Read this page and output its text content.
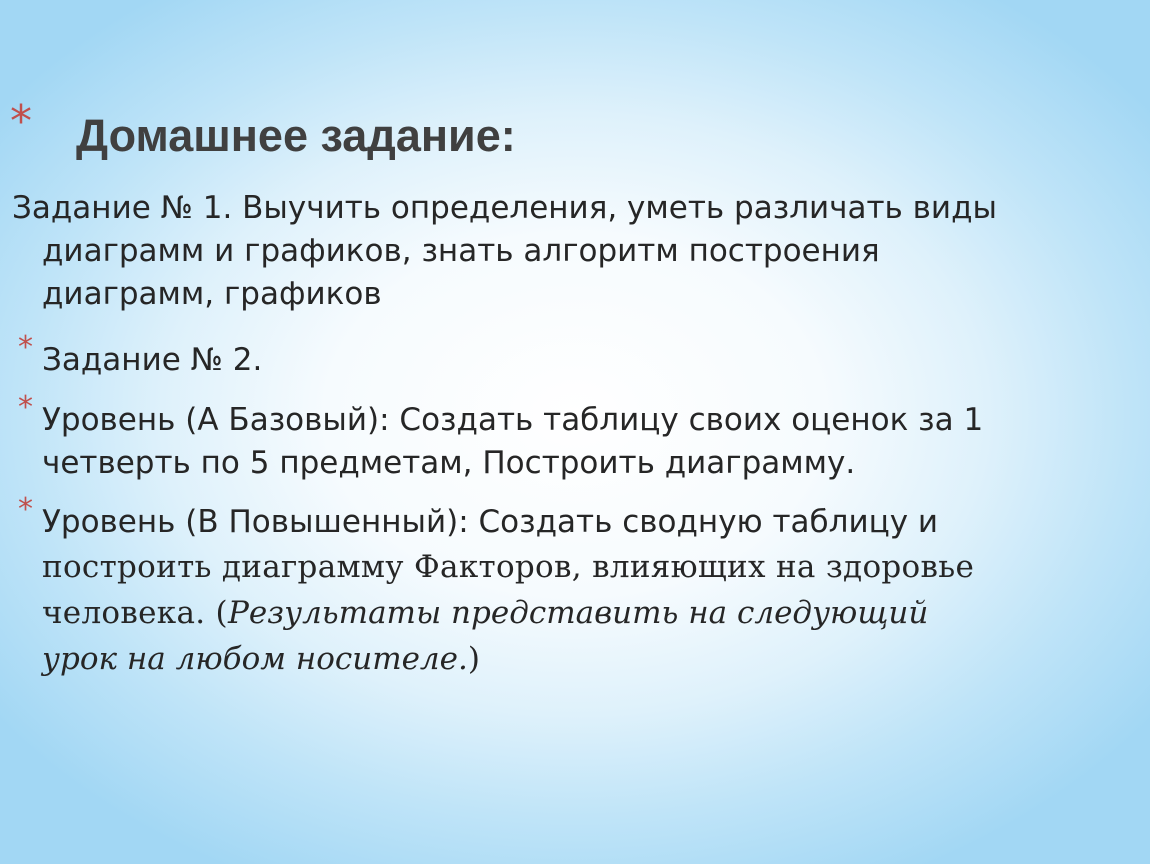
* Домашнее задание:
Задание № 1. Выучить определения, уметь различать виды
диаграмм и графиков, знать алгоритм построения
диаграмм, графиков
* Задание № 2.
* Уровень (А Базовый): Создать таблицу своих оценок за 1
четверть по 5 предметам, Построить диаграмму.
* Уровень (В Повышенный): Создать сводную таблицу и
построить диаграмму Факторов, влияющих на здоровье
человека. (Результаты представить на следующий
урок на любом носителе.)
